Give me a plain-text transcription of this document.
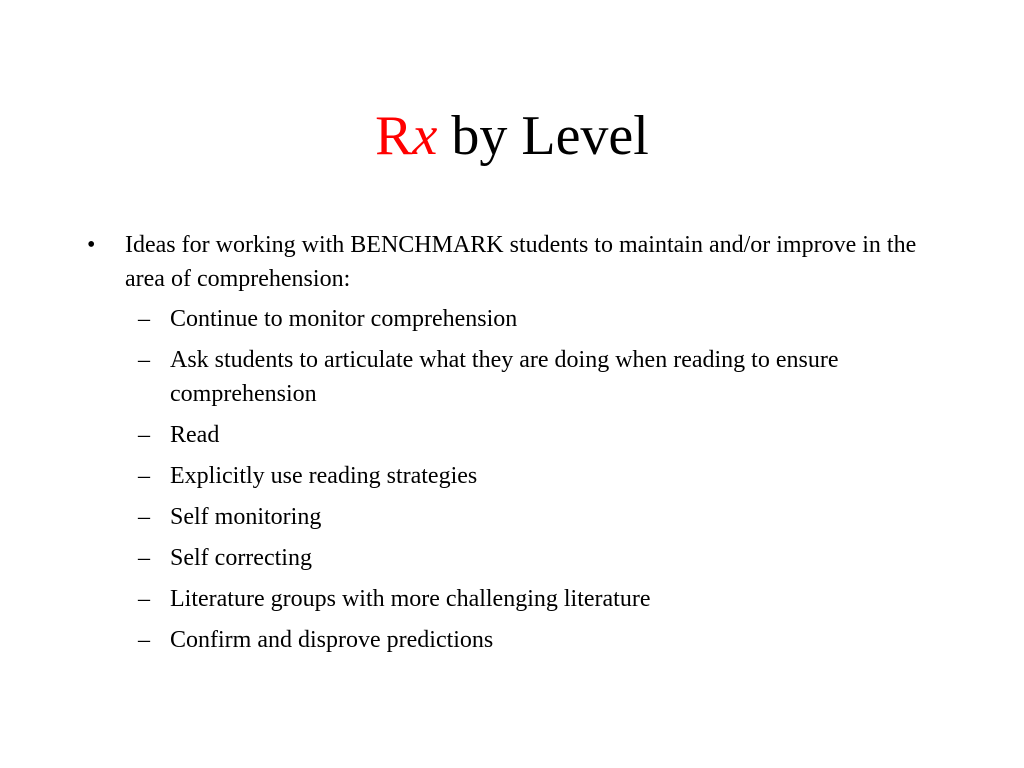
Rx by Level
•	Ideas for working with BENCHMARK students to maintain and/or improve in the area of comprehension:
– Continue to monitor comprehension
– Ask students to articulate what they are doing when reading to ensure comprehension
– Read
– Explicitly use reading strategies
– Self monitoring
– Self correcting
– Literature groups with more challenging literature
– Confirm and disprove predictions
